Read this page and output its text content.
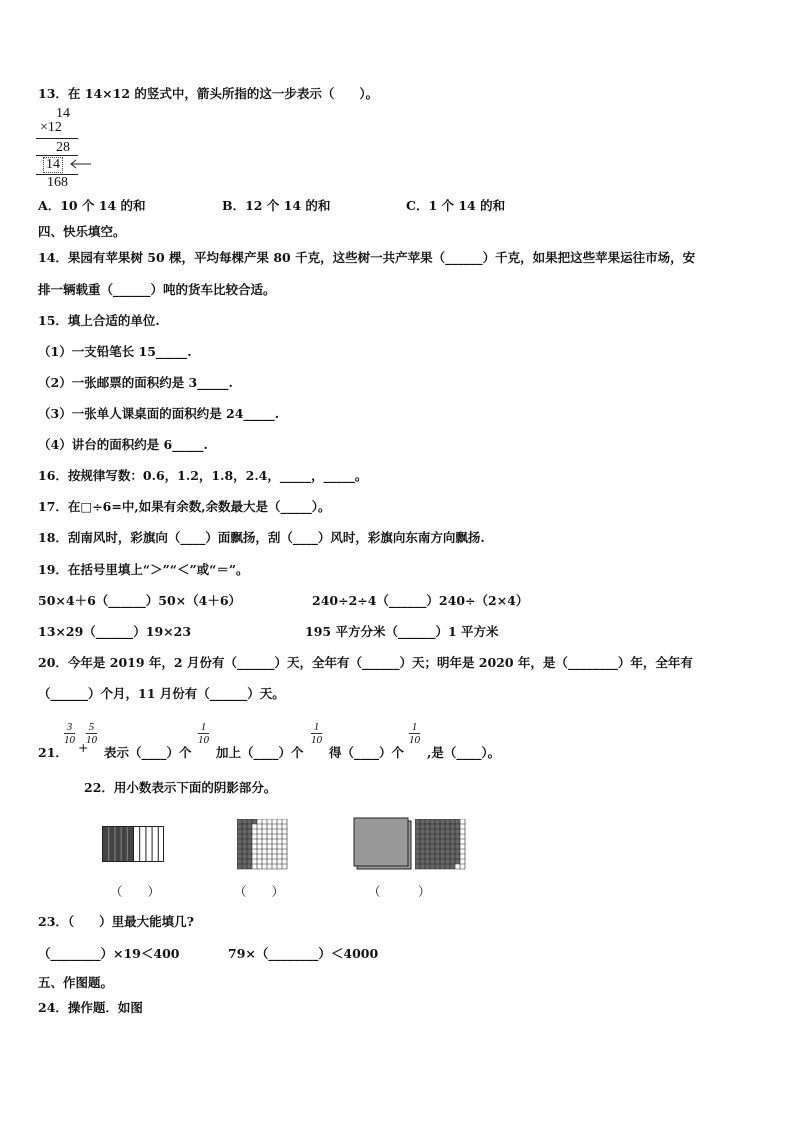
13．在 14×12 的竖式中，箭头所指的这一步表示（　　）。
14
×12
28
14
168
A．10 个 14 的和	B．12 个 14 的和	C．1 个 14 的和
四、快乐填空。
14．果园有苹果树 50 棵，平均每棵产果 80 千克，这些树一共产苹果（______）千克，如果把这些苹果运往市场，安
排一辆载重（______）吨的货车比较合适。
15．填上合适的单位.
（1）一支铅笔长 15_____.
（2）一张邮票的面积约是 3_____.
（3）一张单人课桌面的面积约是 24_____.
（4）讲台的面积约是 6_____.
16．按规律写数：0.6，1.2，1.8，2.4，_____，_____。
17．在□÷6=中,如果有余数,余数最大是（_____）。
18．刮南风时，彩旗向（____）面飘扬，刮（____）风时，彩旗向东南方向飘扬.
19．在括号里填上“＞”“＜”或“＝”。
50×4＋6（______）50×（4＋6）	240÷2÷4（______）240÷（2×4）
13×29（______）19×23	195 平方分米（______）1 平方米
20．今年是 2019 年，2 月份有（______）天，全年有（______）天；明年是 2020 年，是（________）年，全年有
（______）个月，11 月份有（______）天。
21．
$\frac{3}{10}$
+
$\frac{5}{10}$
表示（____）个
$\frac{1}{10}$
加上（____）个
$\frac{1}{10}$
得（____）个
$\frac{1}{10}$
,是（____）。
22．用小数表示下面的阴影部分。
（　　）	（　　）	（　　　）
23．（　　）里最大能填几?
（________）×19＜400	79×（________）＜4000
五、作图题。
24．操作题．如图
